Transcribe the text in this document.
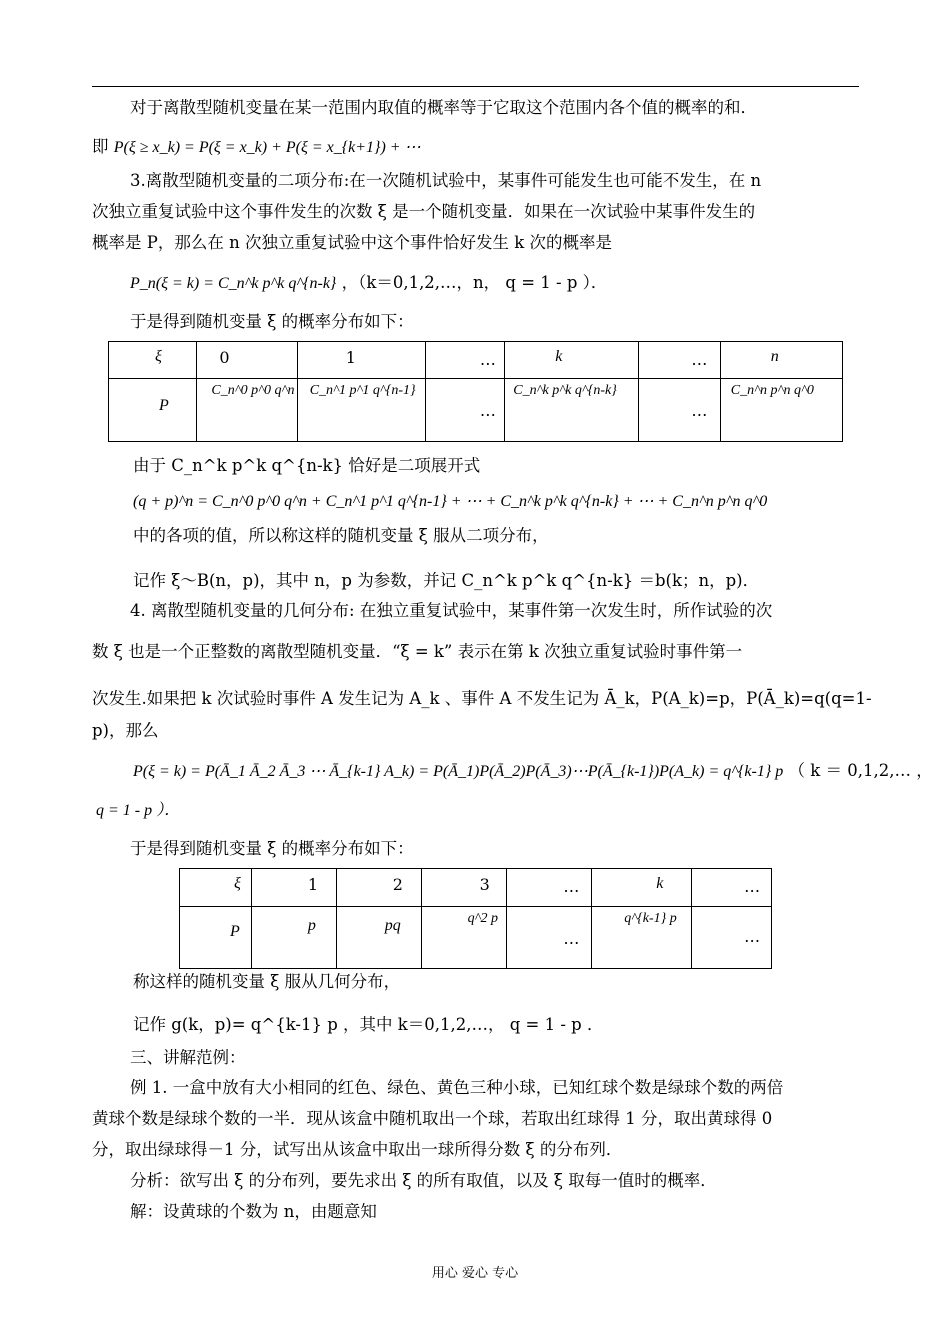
对于离散型随机变量在某一范围内取值的概率等于它取这个范围内各个值的概率的和．
即 P(ξ ≥ x_k) = P(ξ = x_k) + P(ξ = x_{k+1}) + ⋯
3.离散型随机变量的二项分布:在一次随机试验中，某事件可能发生也可能不发生，在 n
次独立重复试验中这个事件发生的次数 ξ 是一个随机变量．如果在一次试验中某事件发生的
概率是 P，那么在 n 次独立重复试验中这个事件恰好发生 k 次的概率是
P_n(ξ = k) = C_n^k p^k q^{n-k} ，（k＝0,1,2,…，n， q = 1 - p ）．
于是得到随机变量 ξ 的概率分布如下：
ξ	0	1	…	k	…	n

P	C_n^0 p^0 q^n	C_n^1 p^1 q^{n-1}	…	C_n^k p^k q^{n-k}	…	C_n^n p^n q^0
由于 C_n^k p^k q^{n-k} 恰好是二项展开式
(q + p)^n = C_n^0 p^0 q^n + C_n^1 p^1 q^{n-1} + ⋯ + C_n^k p^k q^{n-k} + ⋯ + C_n^n p^n q^0
中的各项的值，所以称这样的随机变量 ξ 服从二项分布，
记作 ξ～B(n，p)，其中 n，p 为参数，并记 C_n^k p^k q^{n-k} ＝b(k；n，p)．
4. 离散型随机变量的几何分布: 在独立重复试验中，某事件第一次发生时，所作试验的次
数 ξ 也是一个正整数的离散型随机变量．“ξ = k” 表示在第 k 次独立重复试验时事件第一
次发生.如果把 k 次试验时事件 A 发生记为 A_k 、事件 A 不发生记为 Ā_k，P(A_k)=p，P(Ā_k)=q(q=1-
p)，那么
P(ξ = k) = P(Ā_1 Ā_2 Ā_3 ⋯ Ā_{k-1} A_k) = P(Ā_1)P(Ā_2)P(Ā_3)⋯P(Ā_{k-1})P(A_k) = q^{k-1} p （ k ＝ 0,1,2,… ，
q = 1 - p ）．
于是得到随机变量 ξ 的概率分布如下：
ξ	1	2	3	…	k	…

P	p	pq	q^2 p	…	q^{k-1} p	…
称这样的随机变量 ξ 服从几何分布，
记作 g(k，p)= q^{k-1} p ，其中 k＝0,1,2,…， q = 1 - p ．
三、讲解范例：
例 1. 一盒中放有大小相同的红色、绿色、黄色三种小球，已知红球个数是绿球个数的两倍
黄球个数是绿球个数的一半．现从该盒中随机取出一个球，若取出红球得 1 分，取出黄球得 0
分，取出绿球得－1 分，试写出从该盒中取出一球所得分数 ξ 的分布列．
分析：欲写出 ξ 的分布列，要先求出 ξ 的所有取值，以及 ξ 取每一值时的概率．
解：设黄球的个数为 n，由题意知
用心 爱心 专心
